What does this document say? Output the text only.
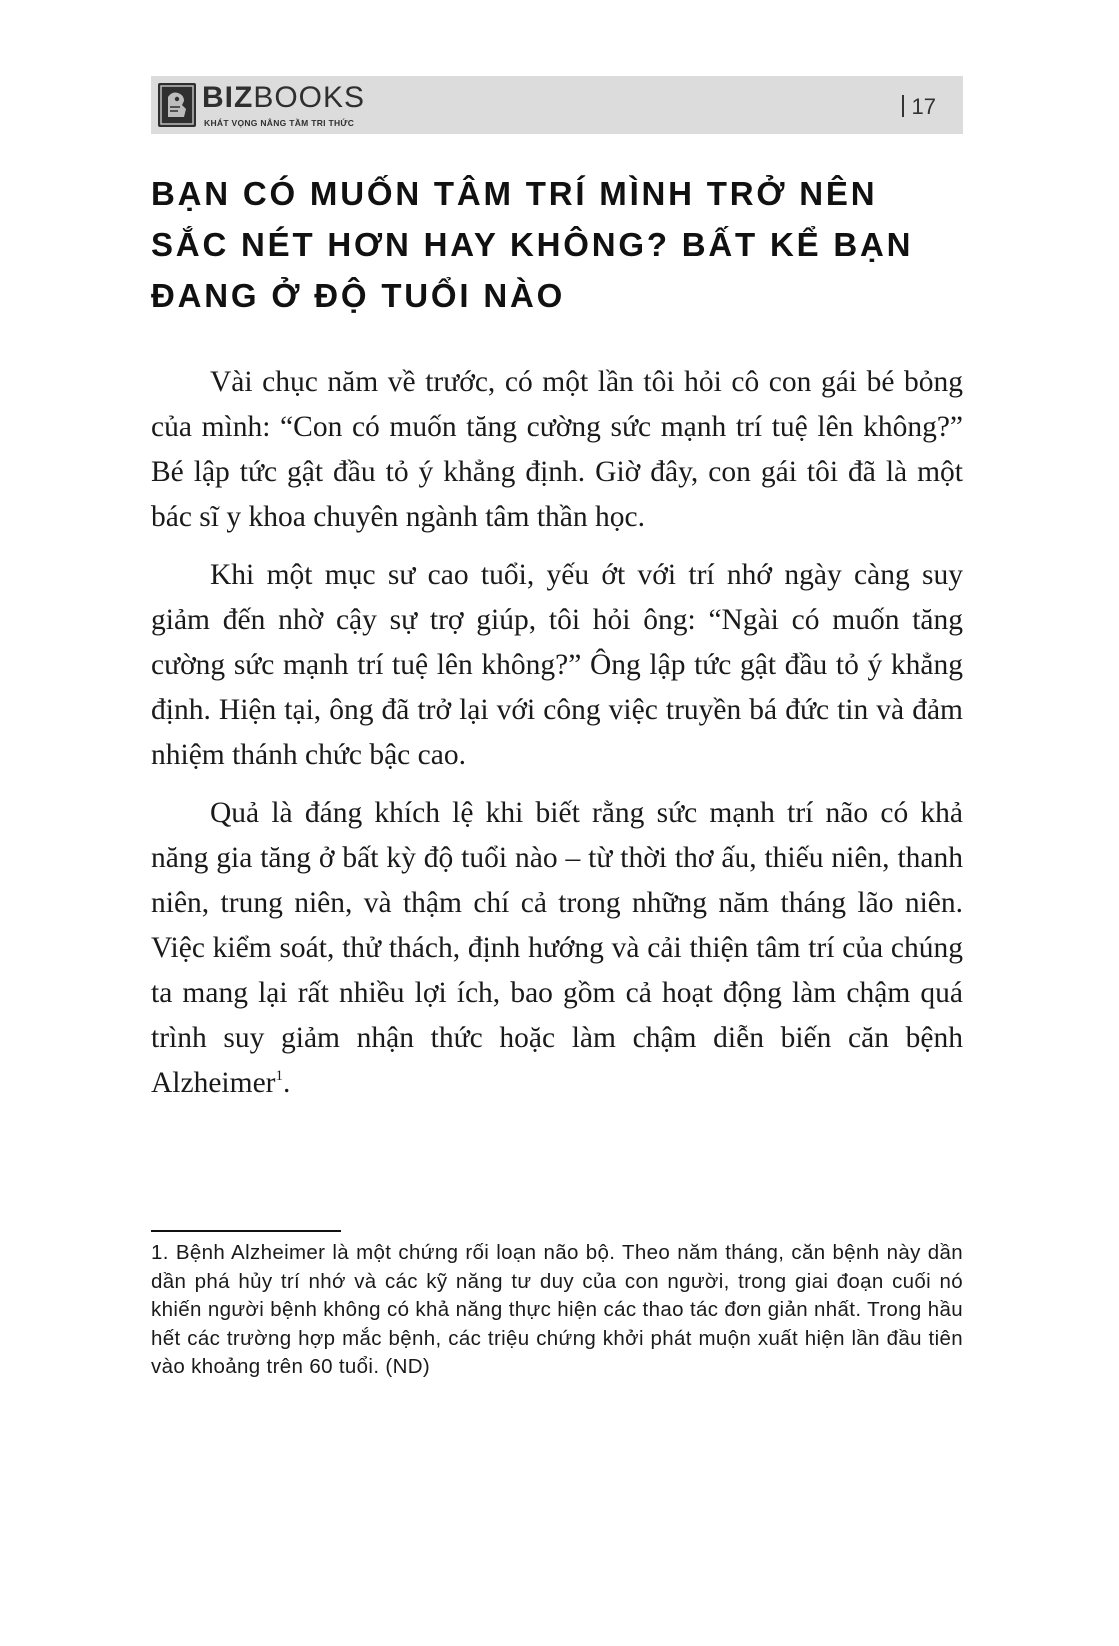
BIZBOOKS
KHÁT VỌNG NÂNG TẦM TRI THỨC
17
BẠN CÓ MUỐN TÂM TRÍ MÌNH TRỞ NÊN SẮC NÉT HƠN HAY KHÔNG? BẤT KỂ BẠN ĐANG Ở ĐỘ TUỔI NÀO

Vài chục năm về trước, có một lần tôi hỏi cô con gái bé bỏng của mình: “Con có muốn tăng cường sức mạnh trí tuệ lên không?” Bé lập tức gật đầu tỏ ý khẳng định. Giờ đây, con gái tôi đã là một bác sĩ y khoa chuyên ngành tâm thần học.

Khi một mục sư cao tuổi, yếu ớt với trí nhớ ngày càng suy giảm đến nhờ cậy sự trợ giúp, tôi hỏi ông: “Ngài có muốn tăng cường sức mạnh trí tuệ lên không?” Ông lập tức gật đầu tỏ ý khẳng định. Hiện tại, ông đã trở lại với công việc truyền bá đức tin và đảm nhiệm thánh chức bậc cao.

Quả là đáng khích lệ khi biết rằng sức mạnh trí não có khả năng gia tăng ở bất kỳ độ tuổi nào – từ thời thơ ấu, thiếu niên, thanh niên, trung niên, và thậm chí cả trong những năm tháng lão niên. Việc kiểm soát, thử thách, định hướng và cải thiện tâm trí của chúng ta mang lại rất nhiều lợi ích, bao gồm cả hoạt động làm chậm quá trình suy giảm nhận thức hoặc làm chậm diễn biến căn bệnh Alzheimer$^1$.

1. Bệnh Alzheimer là một chứng rối loạn não bộ. Theo năm tháng, căn bệnh này dần dần phá hủy trí nhớ và các kỹ năng tư duy của con người, trong giai đoạn cuối nó khiến người bệnh không có khả năng thực hiện các thao tác đơn giản nhất. Trong hầu hết các trường hợp mắc bệnh, các triệu chứng khởi phát muộn xuất hiện lần đầu tiên vào khoảng trên 60 tuổi. (ND)
